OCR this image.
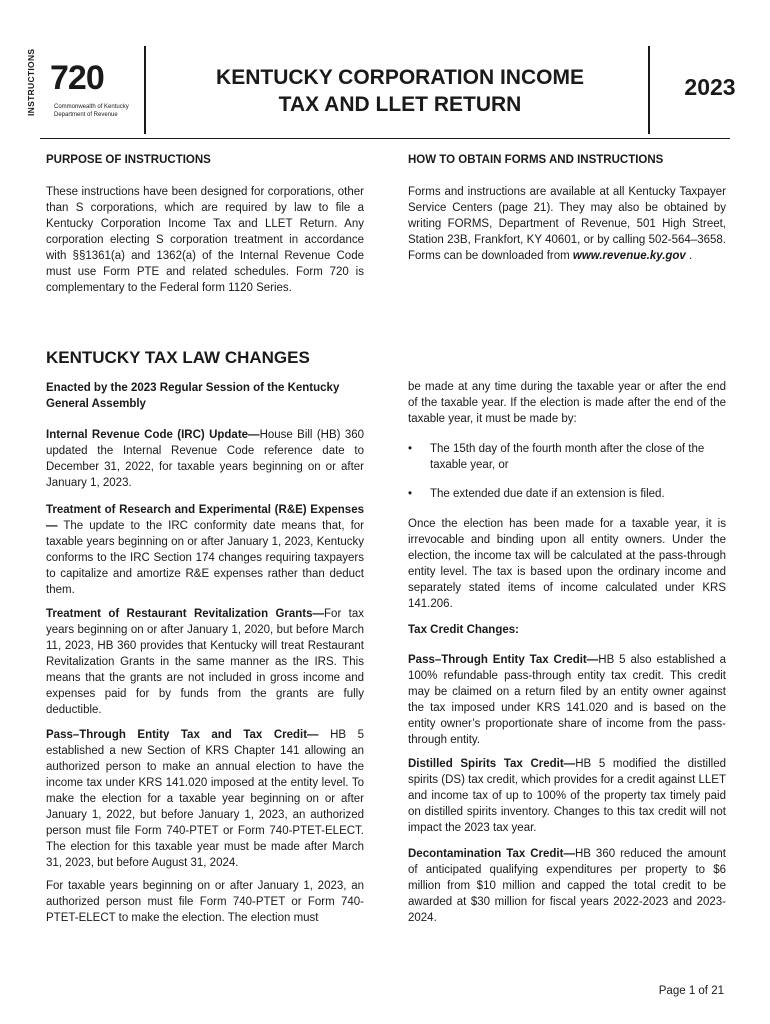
INSTRUCTIONS 720
Commonwealth of Kentucky
Department of Revenue
KENTUCKY CORPORATION INCOME
TAX AND LLET RETURN
2023
PURPOSE OF INSTRUCTIONS
These instructions have been designed for corporations, other than S corporations, which are required by law to file a Kentucky Corporation Income Tax and LLET Return. Any corporation electing S corporation treatment in accordance with §§1361(a) and 1362(a) of the Internal Revenue Code must use Form PTE and related schedules. Form 720 is complementary to the Federal form 1120 Series.
HOW TO OBTAIN FORMS AND INSTRUCTIONS
Forms and instructions are available at all Kentucky Taxpayer Service Centers (page 21). They may also be obtained by writing FORMS, Department of Revenue, 501 High Street, Station 23B, Frankfort, KY 40601, or by calling 502-564–3658. Forms can be downloaded from www.revenue.ky.gov .
KENTUCKY TAX LAW CHANGES
Enacted by the 2023 Regular Session of the Kentucky General Assembly
Internal Revenue Code (IRC) Update—House Bill (HB) 360 updated the Internal Revenue Code reference date to December 31, 2022, for taxable years beginning on or after January 1, 2023.
Treatment of Research and Experimental (R&E) Expenses— The update to the IRC conformity date means that, for taxable years beginning on or after January 1, 2023, Kentucky conforms to the IRC Section 174 changes requiring taxpayers to capitalize and amortize R&E expenses rather than deduct them.
Treatment of Restaurant Revitalization Grants—For tax years beginning on or after January 1, 2020, but before March 11, 2023, HB 360 provides that Kentucky will treat Restaurant Revitalization Grants in the same manner as the IRS. This means that the grants are not included in gross income and expenses paid for by funds from the grants are fully deductible.
Pass–Through Entity Tax and Tax Credit— HB 5 established a new Section of KRS Chapter 141 allowing an authorized person to make an annual election to have the income tax under KRS 141.020 imposed at the entity level. To make the election for a taxable year beginning on or after January 1, 2022, but before January 1, 2023, an authorized person must file Form 740-PTET or Form 740-PTET-ELECT. The election for this taxable year must be made after March 31, 2023, but before August 31, 2024.
For taxable years beginning on or after January 1, 2023, an authorized person must file Form 740-PTET or Form 740-PTET-ELECT to make the election. The election must
be made at any time during the taxable year or after the end of the taxable year. If the election is made after the end of the taxable year, it must be made by:
• The 15th day of the fourth month after the close of the taxable year, or
• The extended due date if an extension is filed.
Once the election has been made for a taxable year, it is irrevocable and binding upon all entity owners. Under the election, the income tax will be calculated at the pass-through entity level. The tax is based upon the ordinary income and separately stated items of income calculated under KRS 141.206.
Tax Credit Changes:
Pass–Through Entity Tax Credit—HB 5 also established a 100% refundable pass-through entity tax credit. This credit may be claimed on a return filed by an entity owner against the tax imposed under KRS 141.020 and is based on the entity owner’s proportionate share of income from the pass-through entity.
Distilled Spirits Tax Credit—HB 5 modified the distilled spirits (DS) tax credit, which provides for a credit against LLET and income tax of up to 100% of the property tax timely paid on distilled spirits inventory. Changes to this tax credit will not impact the 2023 tax year.
Decontamination Tax Credit—HB 360 reduced the amount of anticipated qualifying expenditures per property to $6 million from $10 million and capped the total credit to be awarded at $30 million for fiscal years 2022-2023 and 2023-2024.
Page 1 of 21
